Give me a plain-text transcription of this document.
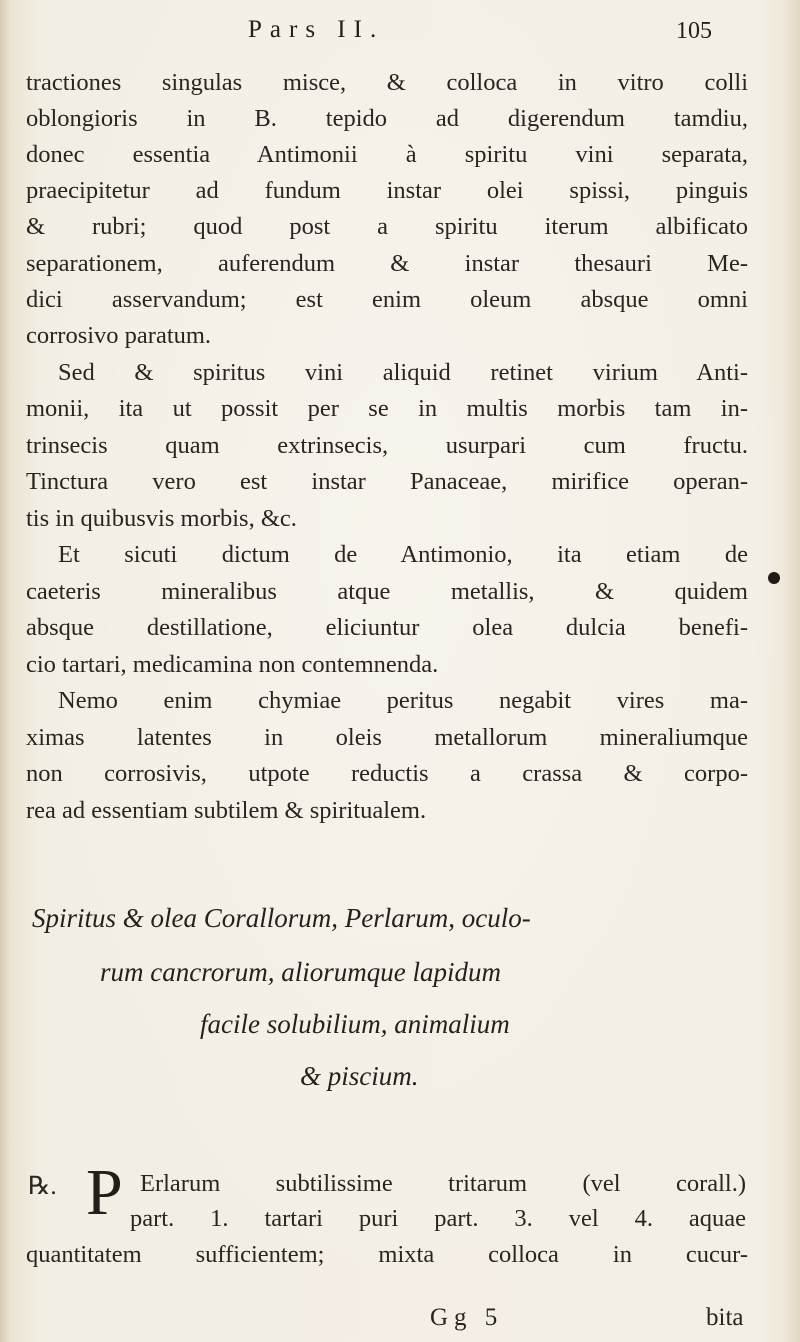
Pars II.	105
tractiones singulas misce, & colloca in vitro colli
oblongioris in B. tepido ad digerendum tamdiu,
donec essentia Antimonii à spiritu vini separata,
praecipitetur ad fundum instar olei spissi, pinguis
& rubri; quod post a spiritu iterum albificato
separationem, auferendum & instar thesauri Me-
dici asservandum; est enim oleum absque omni
corrosivo paratum.
Sed & spiritus vini aliquid retinet virium Anti-
monii, ita ut possit per se in multis morbis tam in-
trinsecis quam extrinsecis, usurpari cum fructu.
Tinctura vero est instar Panaceae, mirifice operan-
tis in quibusvis morbis, &c.
Et sicuti dictum de Antimonio, ita etiam de
caeteris mineralibus atque metallis, & quidem
absque destillatione, eliciuntur olea dulcia benefi-
cio tartari, medicamina non contemnenda.
Nemo enim chymiae peritus negabit vires ma-
ximas latentes in oleis metallorum mineraliumque
non corrosivis, utpote reductis a crassa & corpo-
rea ad essentiam subtilem & spiritualem.
Spiritus & olea Corallorum, Perlarum, oculo-
rum cancrorum, aliorumque lapidum
facile solubilium, animalium
& piscium.
℞. P Erlarum subtilissime tritarum (vel corall.)
part. 1. tartari puri part. 3. vel 4. aquae
quantitatem sufficientem; mixta colloca in cucur-
Gg 5	bita
